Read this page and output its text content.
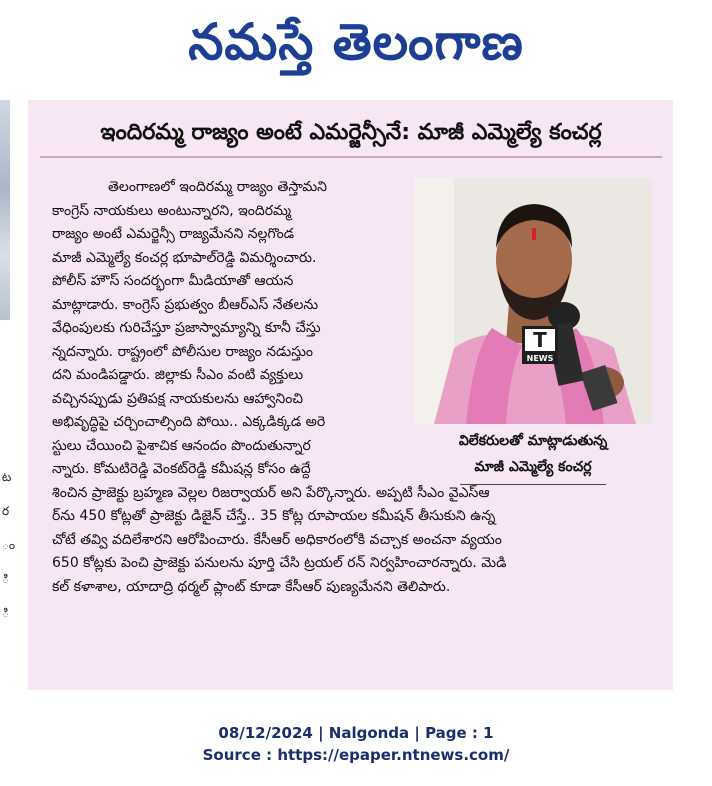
నమస్తే తెలంగాణ
ట
ర
ం
ి
ి
ఇందిరమ్మ రాజ్యం అంటే ఎమర్జెన్సీనే: మాజీ ఎమ్మెల్యే కంచర్ల
తెలంగాణలో ఇందిరమ్మ రాజ్యం తెస్తామని
కాంగ్రెస్ నాయకులు అంటున్నారని, ఇందిరమ్మ
రాజ్యం అంటే ఎమర్జెన్సీ రాజ్యమేనని నల్లగొండ
మాజీ ఎమ్మెల్యే కంచర్ల భూపాల్‌రెడ్డి విమర్శించారు.
పోలీస్ హౌస్ సందర్భంగా మీడియాతో ఆయన
మాట్లాడారు. కాంగ్రెస్ ప్రభుత్వం బీఆర్ఎస్ నేతలను
వేధింపులకు గురిచేస్తూ ప్రజాస్వామ్యాన్ని కూనీ చేస్తు
న్నదన్నారు. రాష్ట్రంలో పోలీసుల రాజ్యం నడుస్తుం
దని మండిపడ్డారు. జిల్లాకు సీఎం వంటి వ్యక్తులు
వచ్చినప్పుడు ప్రతిపక్ష నాయకులను ఆహ్వానించి
అభివృద్ధిపై చర్చించాల్సింది పోయి.. ఎక్కడిక్కడ అరె
స్టులు చేయించి పైశాచిక ఆనందం పొందుతున్నార
న్నారు. కోమటిరెడ్డి వెంకట్‌రెడ్డి కమీషన్ల కోసం ఉద్దే
శించిన ప్రాజెక్టు బ్రహ్మణ వెల్లల రిజర్వాయర్ అని పేర్కొన్నారు. అప్పటి సీఎం వైఎస్ఆ
ర్‌ను 450 కోట్లతో ప్రాజెక్టు డిజైన్ చేస్తే.. 35 కోట్ల రూపాయల కమీషన్ తీసుకుని ఉన్న
చోటే తవ్వి వదిలేశారని ఆరోపించారు. కేసీఆర్ అధికారంలోకి వచ్చాక అంచనా వ్యయం
650 కోట్లకు పెంచి ప్రాజెక్టు పనులను పూర్తి చేసి ట్రయల్ రన్ నిర్వహించారన్నారు. మెడి
కల్ కళాశాల, యాదాద్రి థర్మల్ ప్లాంట్ కూడా కేసీఆర్ పుణ్యమేనని తెలిపారు.
T
NEWS
విలేకరులతో మాట్లాడుతున్న
మాజీ ఎమ్మెల్యే కంచర్ల
08/12/2024 | Nalgonda | Page : 1
Source : https://epaper.ntnews.com/
